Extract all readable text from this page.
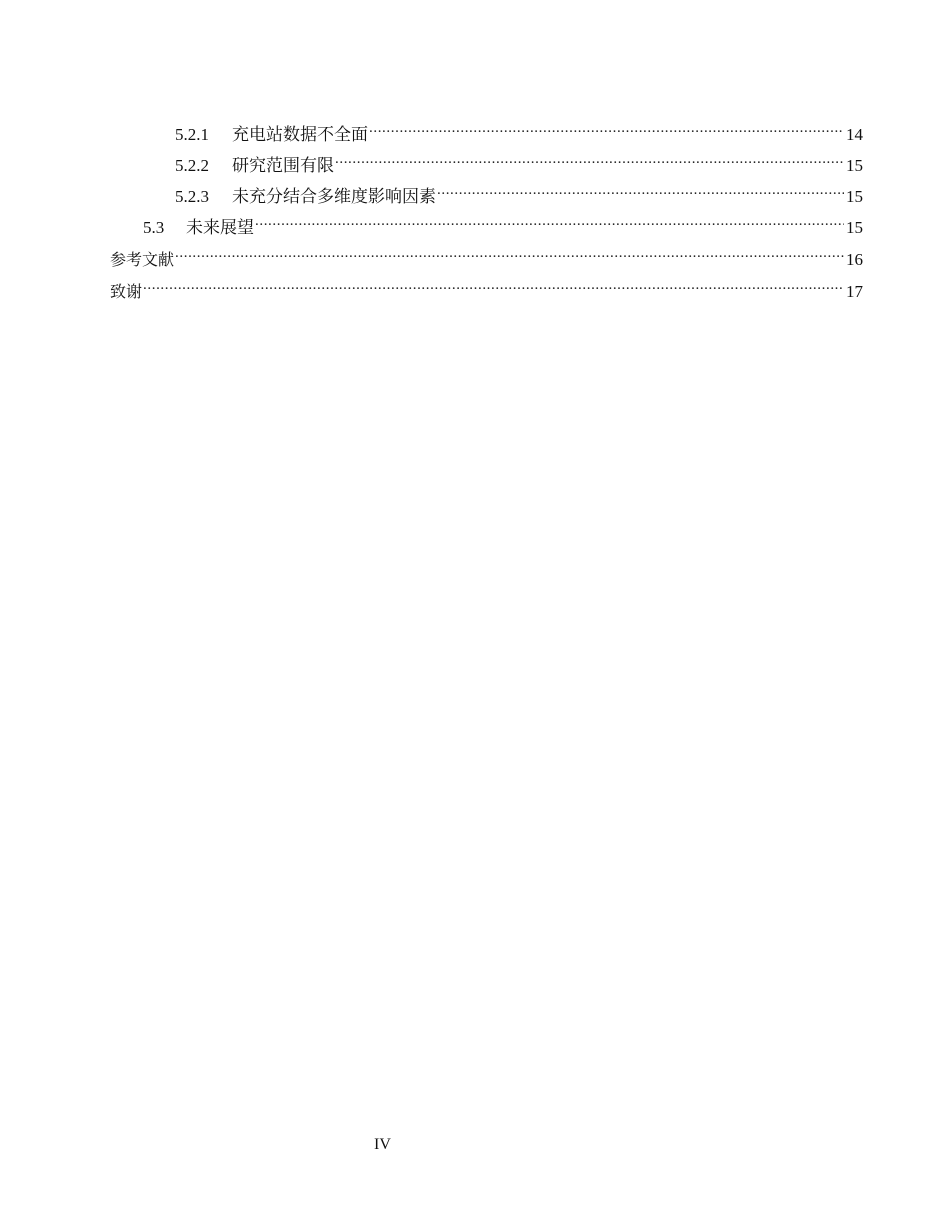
5.2.1	充电站数据不全面 .....	14
5.2.2	研究范围有限 .....	15
5.2.3	未充分结合多维度影响因素 .....	15
5.3	未来展望 .....	15
参考文献 .....	16
致谢 .....	17
IV
